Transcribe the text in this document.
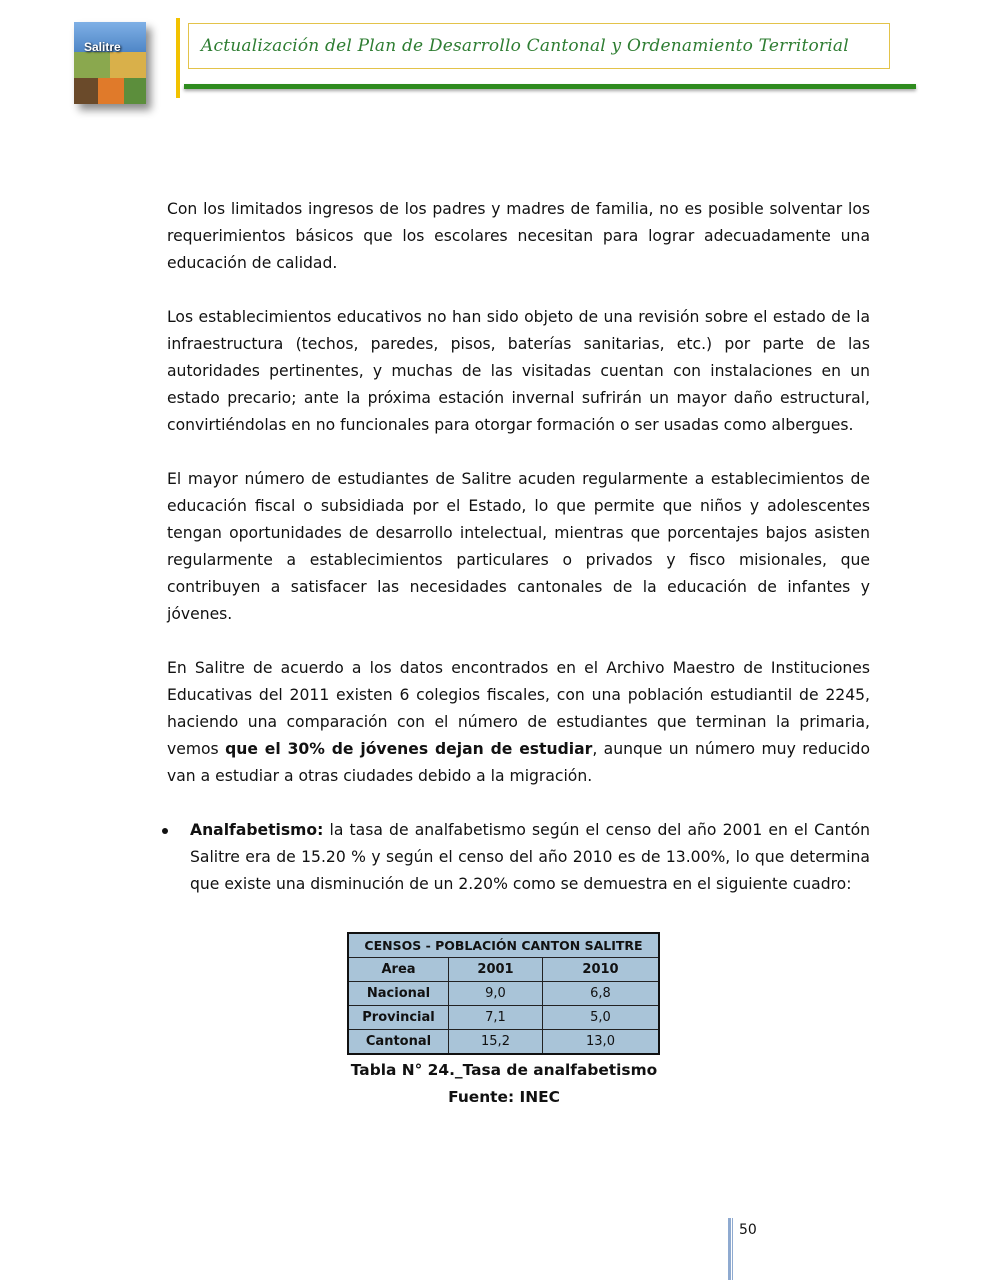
Salitre	Actualización del Plan de Desarrollo Cantonal y Ordenamiento Territorial

Con los limitados ingresos de los padres y madres de familia, no es posible solventar los requerimientos básicos que los escolares necesitan para lograr adecuadamente una educación de calidad.

Los establecimientos educativos no han sido objeto de una revisión sobre el estado de la infraestructura (techos, paredes, pisos, baterías sanitarias, etc.) por parte de las autoridades pertinentes, y muchas de las visitadas cuentan con instalaciones en un estado precario; ante la próxima estación invernal sufrirán un mayor daño estructural, convirtiéndolas en no funcionales para otorgar formación o ser usadas como albergues.

El mayor número de estudiantes de Salitre acuden regularmente a establecimientos de educación fiscal o subsidiada por el Estado, lo que permite que niños y adolescentes tengan oportunidades de desarrollo intelectual, mientras que porcentajes bajos asisten regularmente a establecimientos particulares o privados y fisco misionales, que contribuyen a satisfacer las necesidades cantonales de la educación de infantes y jóvenes.

En Salitre de acuerdo a los datos encontrados en el Archivo Maestro de Instituciones Educativas del 2011 existen 6 colegios fiscales, con una población estudiantil de 2245, haciendo una comparación con el número de estudiantes que terminan la primaria, vemos que el 30% de jóvenes dejan de estudiar, aunque un número muy reducido van a estudiar a otras ciudades debido a la migración.

Analfabetismo: la tasa de analfabetismo según el censo del año 2001 en el Cantón Salitre era de 15.20 % y según el censo del año 2010 es de 13.00%, lo que determina que existe una disminución de un 2.20% como se demuestra en el siguiente cuadro:
CENSOS - POBLACIÓN CANTON SALITRE		
Area	2001	2010
Nacional	9,0	6,8
Provincial	7,1	5,0
Cantonal	15,2	13,0
Tabla N° 24._Tasa de analfabetismo
Fuente: INEC
50
